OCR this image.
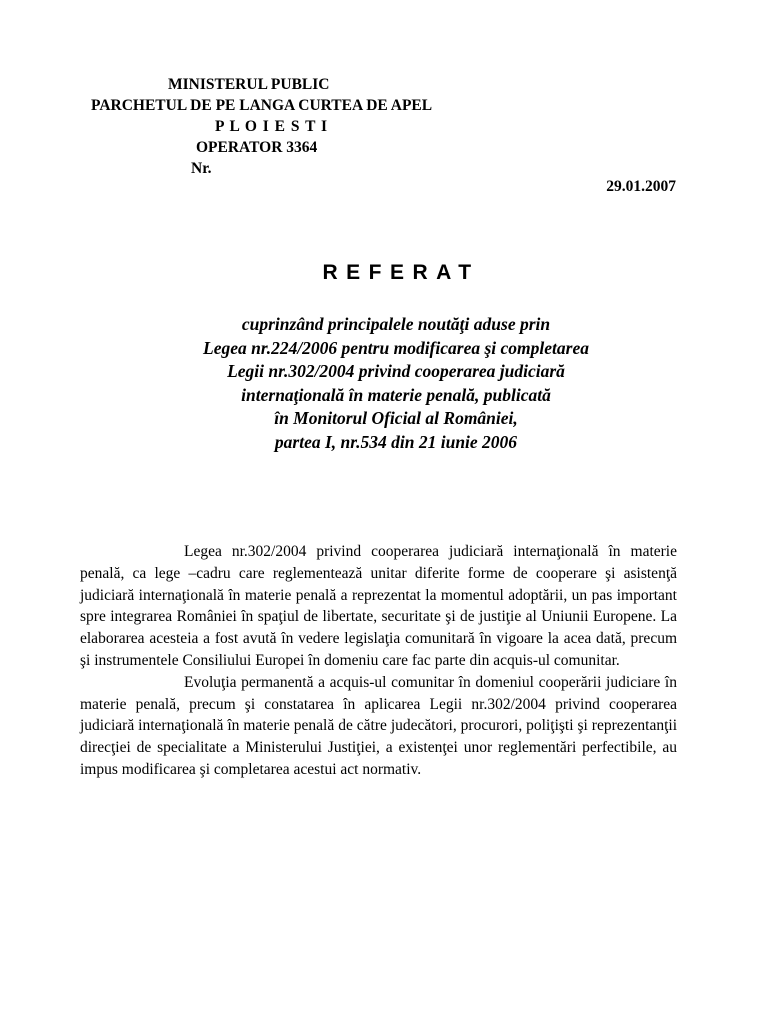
MINISTERUL PUBLIC

PARCHETUL DE PE LANGA CURTEA DE APEL

P L O I E S T I

OPERATOR 3364

Nr.

29.01.2007

REFERAT
cuprinzând principalele noutăţi aduse prin
Legea nr.224/2006 pentru modificarea şi completarea
Legii nr.302/2004 privind cooperarea judiciară
internaţională în materie penală, publicată
în Monitorul Oficial al României,
partea I, nr.534 din 21 iunie 2006

Legea nr.302/2004 privind cooperarea judiciară internaţională în materie penală, ca lege –cadru care reglementează unitar diferite forme de cooperare şi asistenţă judiciară internaţională în materie penală a reprezentat la momentul adoptării, un pas important spre integrarea României în spaţiul de libertate, securitate şi de justiţie al Uniunii Europene. La elaborarea acesteia a fost avută în vedere legislaţia comunitară în vigoare la acea dată, precum şi instrumentele Consiliului Europei în domeniu care fac parte din acquis-ul comunitar.

Evoluţia permanentă a acquis-ul comunitar în domeniul cooperării judiciare în materie penală, precum şi constatarea în aplicarea Legii nr.302/2004 privind cooperarea judiciară internaţională în materie penală de către judecători, procurori, poliţişti şi reprezentanţii direcţiei de specialitate a Ministerului Justiţiei, a existenţei unor reglementări perfectibile, au impus modificarea şi completarea acestui act normativ.
